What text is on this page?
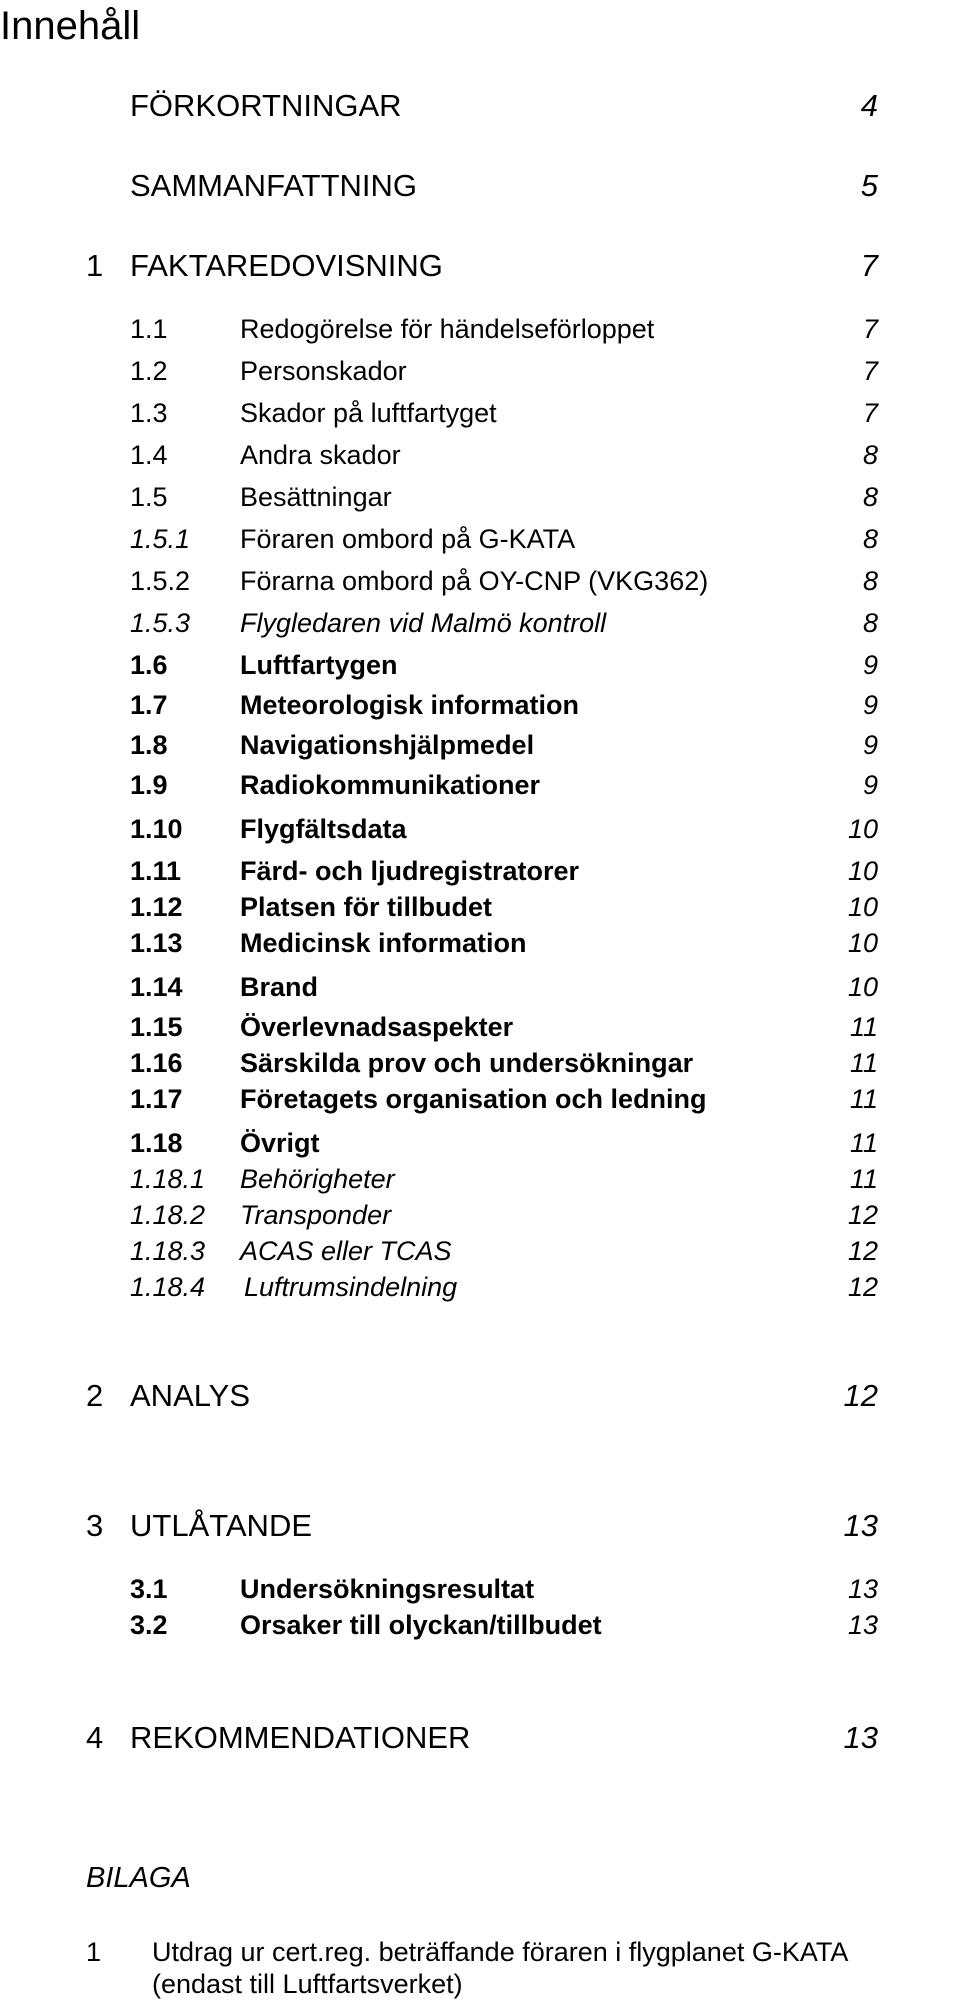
Innehåll
FÖRKORTNINGAR	4
SAMMANFATTNING	5
1 FAKTAREDOVISNING	7
1.1	Redogörelse för händelseförloppet	7
1.2	Personskador	7
1.3	Skador på luftfartyget	7
1.4	Andra skador	8
1.5	Besättningar	8
1.5.1 Föraren ombord på G-KATA	8
1.5.2 Förarna ombord på OY-CNP (VKG362)	8
1.5.3 Flygledaren vid Malmö kontroll	8
1.6	Luftfartygen	9
1.7	Meteorologisk information	9
1.8	Navigationshjälpmedel	9
1.9	Radiokommunikationer	9
1.10 Flygfältsdata	10
1.11 Färd- och ljudregistratorer	10
1.12 Platsen för tillbudet	10
1.13 Medicinsk information	10
1.14 Brand	10
1.15 Överlevnadsaspekter	11
1.16 Särskilda prov och undersökningar	11
1.17 Företagets organisation och ledning	11
1.18 Övrigt	11
1.18.1 Behörigheter	11
1.18.2 Transponder	12
1.18.3 ACAS eller TCAS	12
1.18.4 Luftrumsindelning	12
2 ANALYS	12
3 UTLÅTANDE	13
3.1	Undersökningsresultat	13
3.2	Orsaker till olyckan/tillbudet	13
4 REKOMMENDATIONER	13
BILAGA
1 Utdrag ur cert.reg. beträffande föraren i flygplanet G-KATA
(endast till Luftfartsverket)
